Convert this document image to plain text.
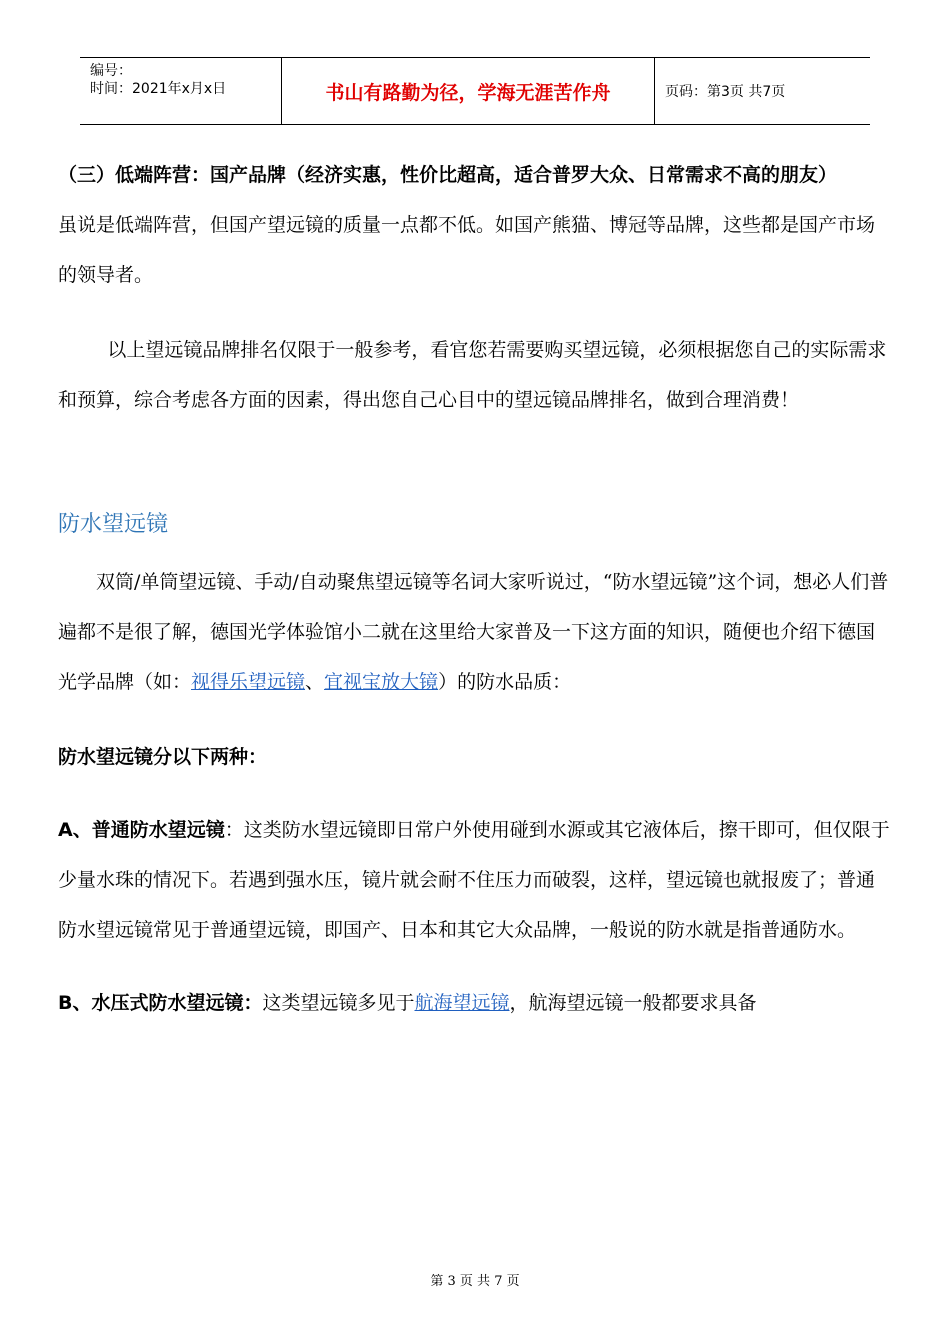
编号：
时间：2021年x月x日	书山有路勤为径，学海无涯苦作舟	页码：第3页 共7页

（三）低端阵营：国产品牌（经济实惠，性价比超高，适合普罗大众、日常需求不高的朋友）

虽说是低端阵营，但国产望远镜的质量一点都不低。如国产熊猫、博冠等品牌，这些都是国产市场的领导者。

以上望远镜品牌排名仅限于一般参考，看官您若需要购买望远镜，必须根据您自己的实际需求和预算，综合考虑各方面的因素，得出您自己心目中的望远镜品牌排名，做到合理消费！

防水望远镜

双筒/单筒望远镜、手动/自动聚焦望远镜等名词大家听说过，“防水望远镜”这个词，想必人们普遍都不是很了解，德国光学体验馆小二就在这里给大家普及一下这方面的知识，随便也介绍下德国光学品牌（如：视得乐望远镜、宜视宝放大镜）的防水品质：

防水望远镜分以下两种：

A、普通防水望远镜：这类防水望远镜即日常户外使用碰到水源或其它液体后，擦干即可，但仅限于少量水珠的情况下。若遇到强水压，镜片就会耐不住压力而破裂，这样，望远镜也就报废了；普通防水望远镜常见于普通望远镜，即国产、日本和其它大众品牌，一般说的防水就是指普通防水。

B、水压式防水望远镜：这类望远镜多见于航海望远镜，航海望远镜一般都要求具备

第 3 页 共 7 页
